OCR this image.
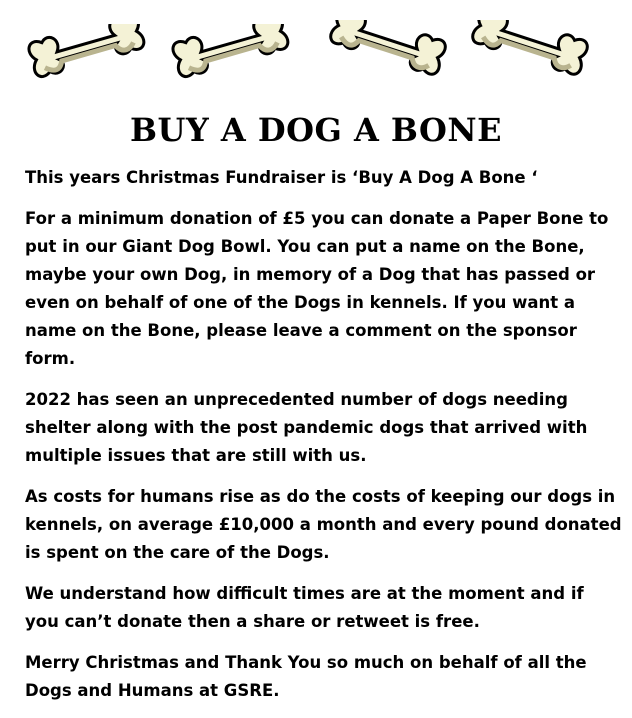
BUY A DOG A BONE

This years Christmas Fundraiser is ‘Buy A Dog A Bone ‘

For a minimum donation of £5 you can donate a Paper Bone to put in our Giant Dog Bowl. You can put a name on the Bone, maybe your own Dog, in memory of a Dog that has passed or even on behalf of one of the Dogs in kennels. If you want a name on the Bone, please leave a comment on the sponsor form.

2022 has seen an unprecedented number of dogs needing shelter along with the post pandemic dogs that arrived with multiple issues that are still with us.

As costs for humans rise as do the costs of keeping our dogs in kennels, on average £10,000 a month and every pound donated is spent on the care of the Dogs.

We understand how difficult times are at the moment and if you can’t donate then a share or retweet is free.

Merry Christmas and Thank You so much on behalf of all the Dogs and Humans at GSRE.
